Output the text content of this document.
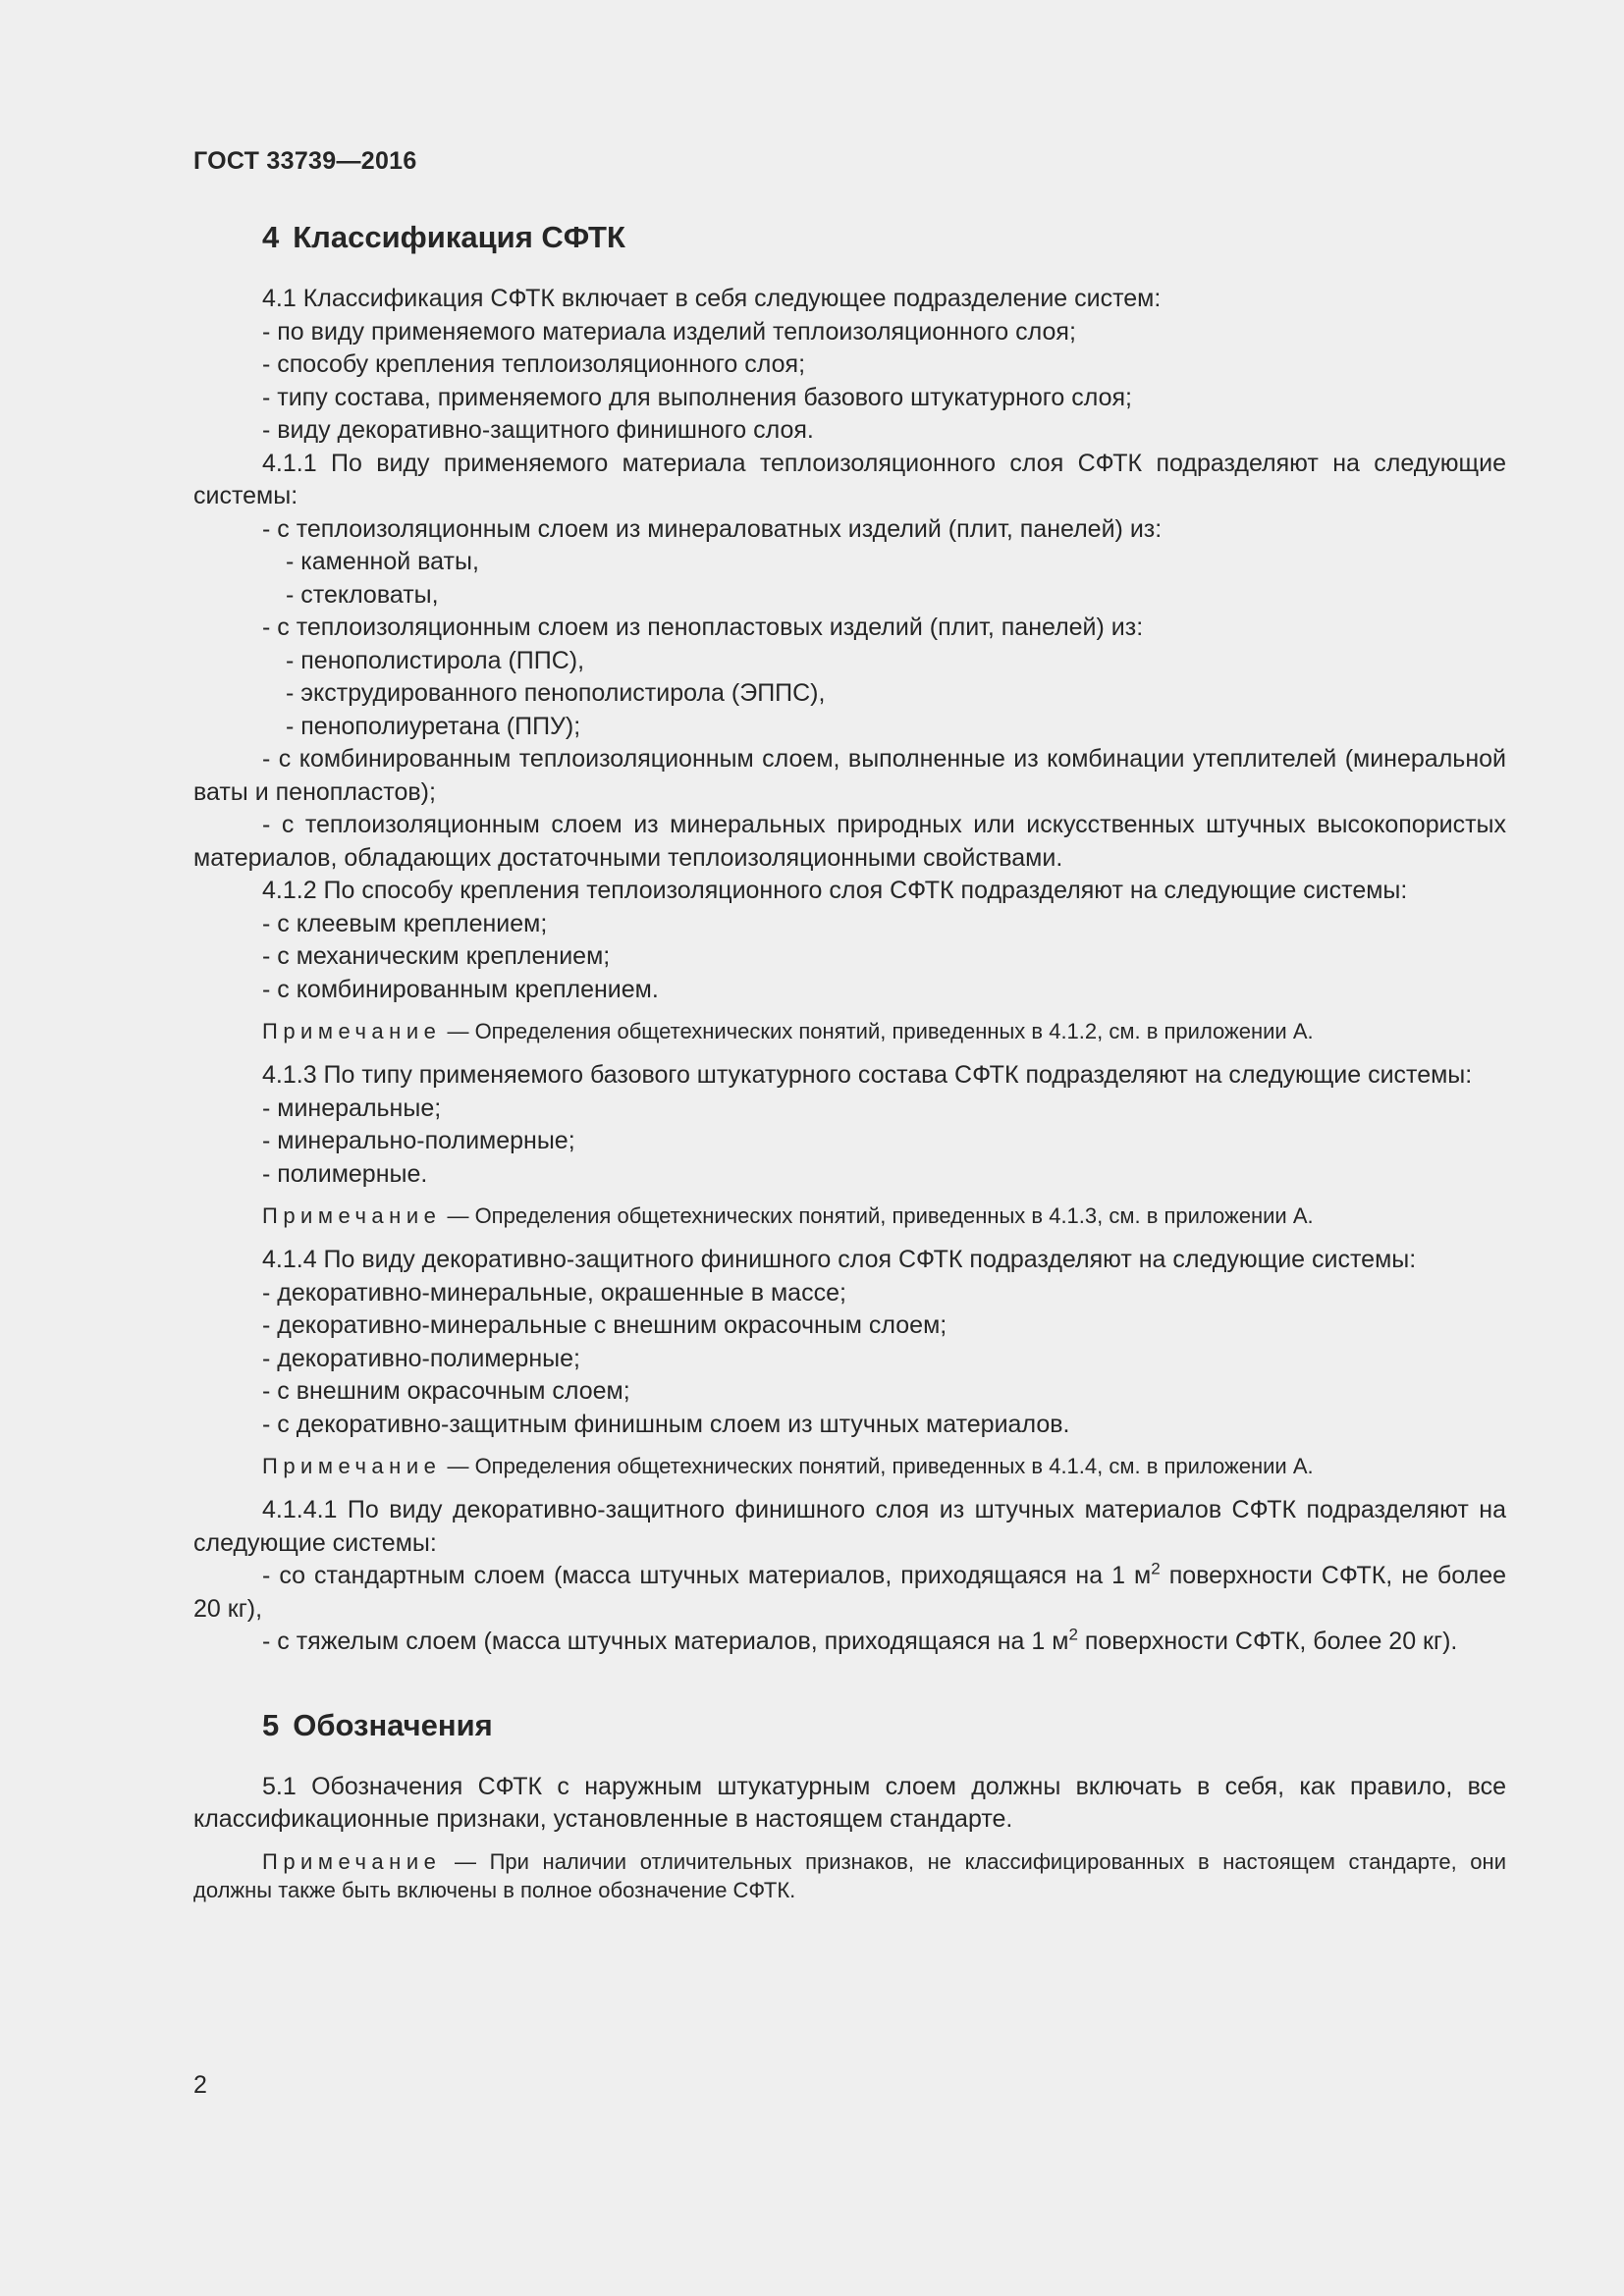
ГОСТ 33739—2016
4 Классификация СФТК

4.1 Классификация СФТК включает в себя следующее подразделение систем:

- по виду применяемого материала изделий теплоизоляционного слоя;

- способу крепления теплоизоляционного слоя;

- типу состава, применяемого для выполнения базового штукатурного слоя;

- виду декоративно-защитного финишного слоя.

4.1.1 По виду применяемого материала теплоизоляционного слоя СФТК подразделяют на следующие системы:

- с теплоизоляционным слоем из минераловатных изделий (плит, панелей) из:

- каменной ваты,

- стекловаты,

- с теплоизоляционным слоем из пенопластовых изделий (плит, панелей) из:

- пенополистирола (ППС),

- экструдированного пенополистирола (ЭППС),

- пенополиуретана (ППУ);

- с комбинированным теплоизоляционным слоем, выполненные из комбинации утеплителей (минеральной ваты и пенопластов);

- с теплоизоляционным слоем из минеральных природных или искусственных штучных высокопористых материалов, обладающих достаточными теплоизоляционными свойствами.

4.1.2 По способу крепления теплоизоляционного слоя СФТК подразделяют на следующие системы:

- с клеевым креплением;

- с механическим креплением;

- с комбинированным креплением.

Примечание — Определения общетехнических понятий, приведенных в 4.1.2, см. в приложении А.

4.1.3 По типу применяемого базового штукатурного состава СФТК подразделяют на следующие системы:

- минеральные;

- минерально-полимерные;

- полимерные.

Примечание — Определения общетехнических понятий, приведенных в 4.1.3, см. в приложении А.

4.1.4 По виду декоративно-защитного финишного слоя СФТК подразделяют на следующие системы:

- декоративно-минеральные, окрашенные в массе;

- декоративно-минеральные с внешним окрасочным слоем;

- декоративно-полимерные;

- с внешним окрасочным слоем;

- с декоративно-защитным финишным слоем из штучных материалов.

Примечание — Определения общетехнических понятий, приведенных в 4.1.4, см. в приложении А.

4.1.4.1 По виду декоративно-защитного финишного слоя из штучных материалов СФТК подразделяют на следующие системы:

- со стандартным слоем (масса штучных материалов, приходящаяся на 1 $м^2$ поверхности СФТК, не более 20 кг),

- с тяжелым слоем (масса штучных материалов, приходящаяся на 1 $м^2$ поверхности СФТК, более 20 кг).

5 Обозначения

5.1 Обозначения СФТК с наружным штукатурным слоем должны включать в себя, как правило, все классификационные признаки, установленные в настоящем стандарте.

Примечание — При наличии отличительных признаков, не классифицированных в настоящем стандарте, они должны также быть включены в полное обозначение СФТК.

2
